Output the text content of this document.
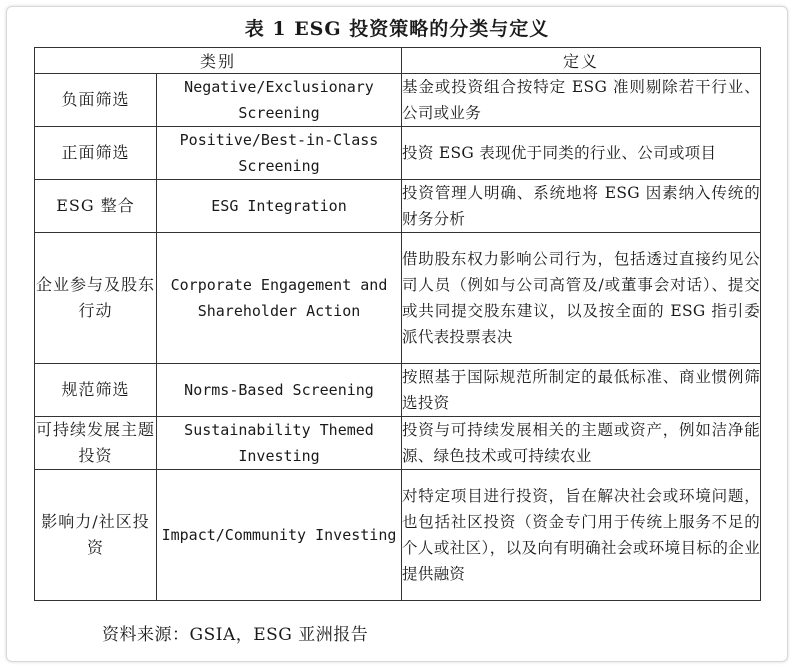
表 1 ESG 投资策略的分类与定义
类别		定义
负面筛选	Negative/Exclusionary Screening	基金或投资组合按特定 ESG 准则剔除若干行业、公司或业务
正面筛选	Positive/Best-in-Class Screening	投资 ESG 表现优于同类的行业、公司或项目
ESG 整合	ESG Integration	投资管理人明确、系统地将 ESG 因素纳入传统的财务分析
企业参与及股东行动	Corporate Engagement and Shareholder Action	借助股东权力影响公司行为，包括透过直接约见公司人员（例如与公司高管及/或董事会对话）、提交或共同提交股东建议，以及按全面的 ESG 指引委派代表投票表决
规范筛选	Norms-Based Screening	按照基于国际规范所制定的最低标准、商业惯例筛选投资
可持续发展主题投资	Sustainability Themed Investing	投资与可持续发展相关的主题或资产，例如洁净能源、绿色技术或可持续农业
影响力/社区投资	Impact/Community Investing	对特定项目进行投资，旨在解决社会或环境问题，也包括社区投资（资金专门用于传统上服务不足的个人或社区），以及向有明确社会或环境目标的企业提供融资
资料来源：GSIA，ESG 亚洲报告
